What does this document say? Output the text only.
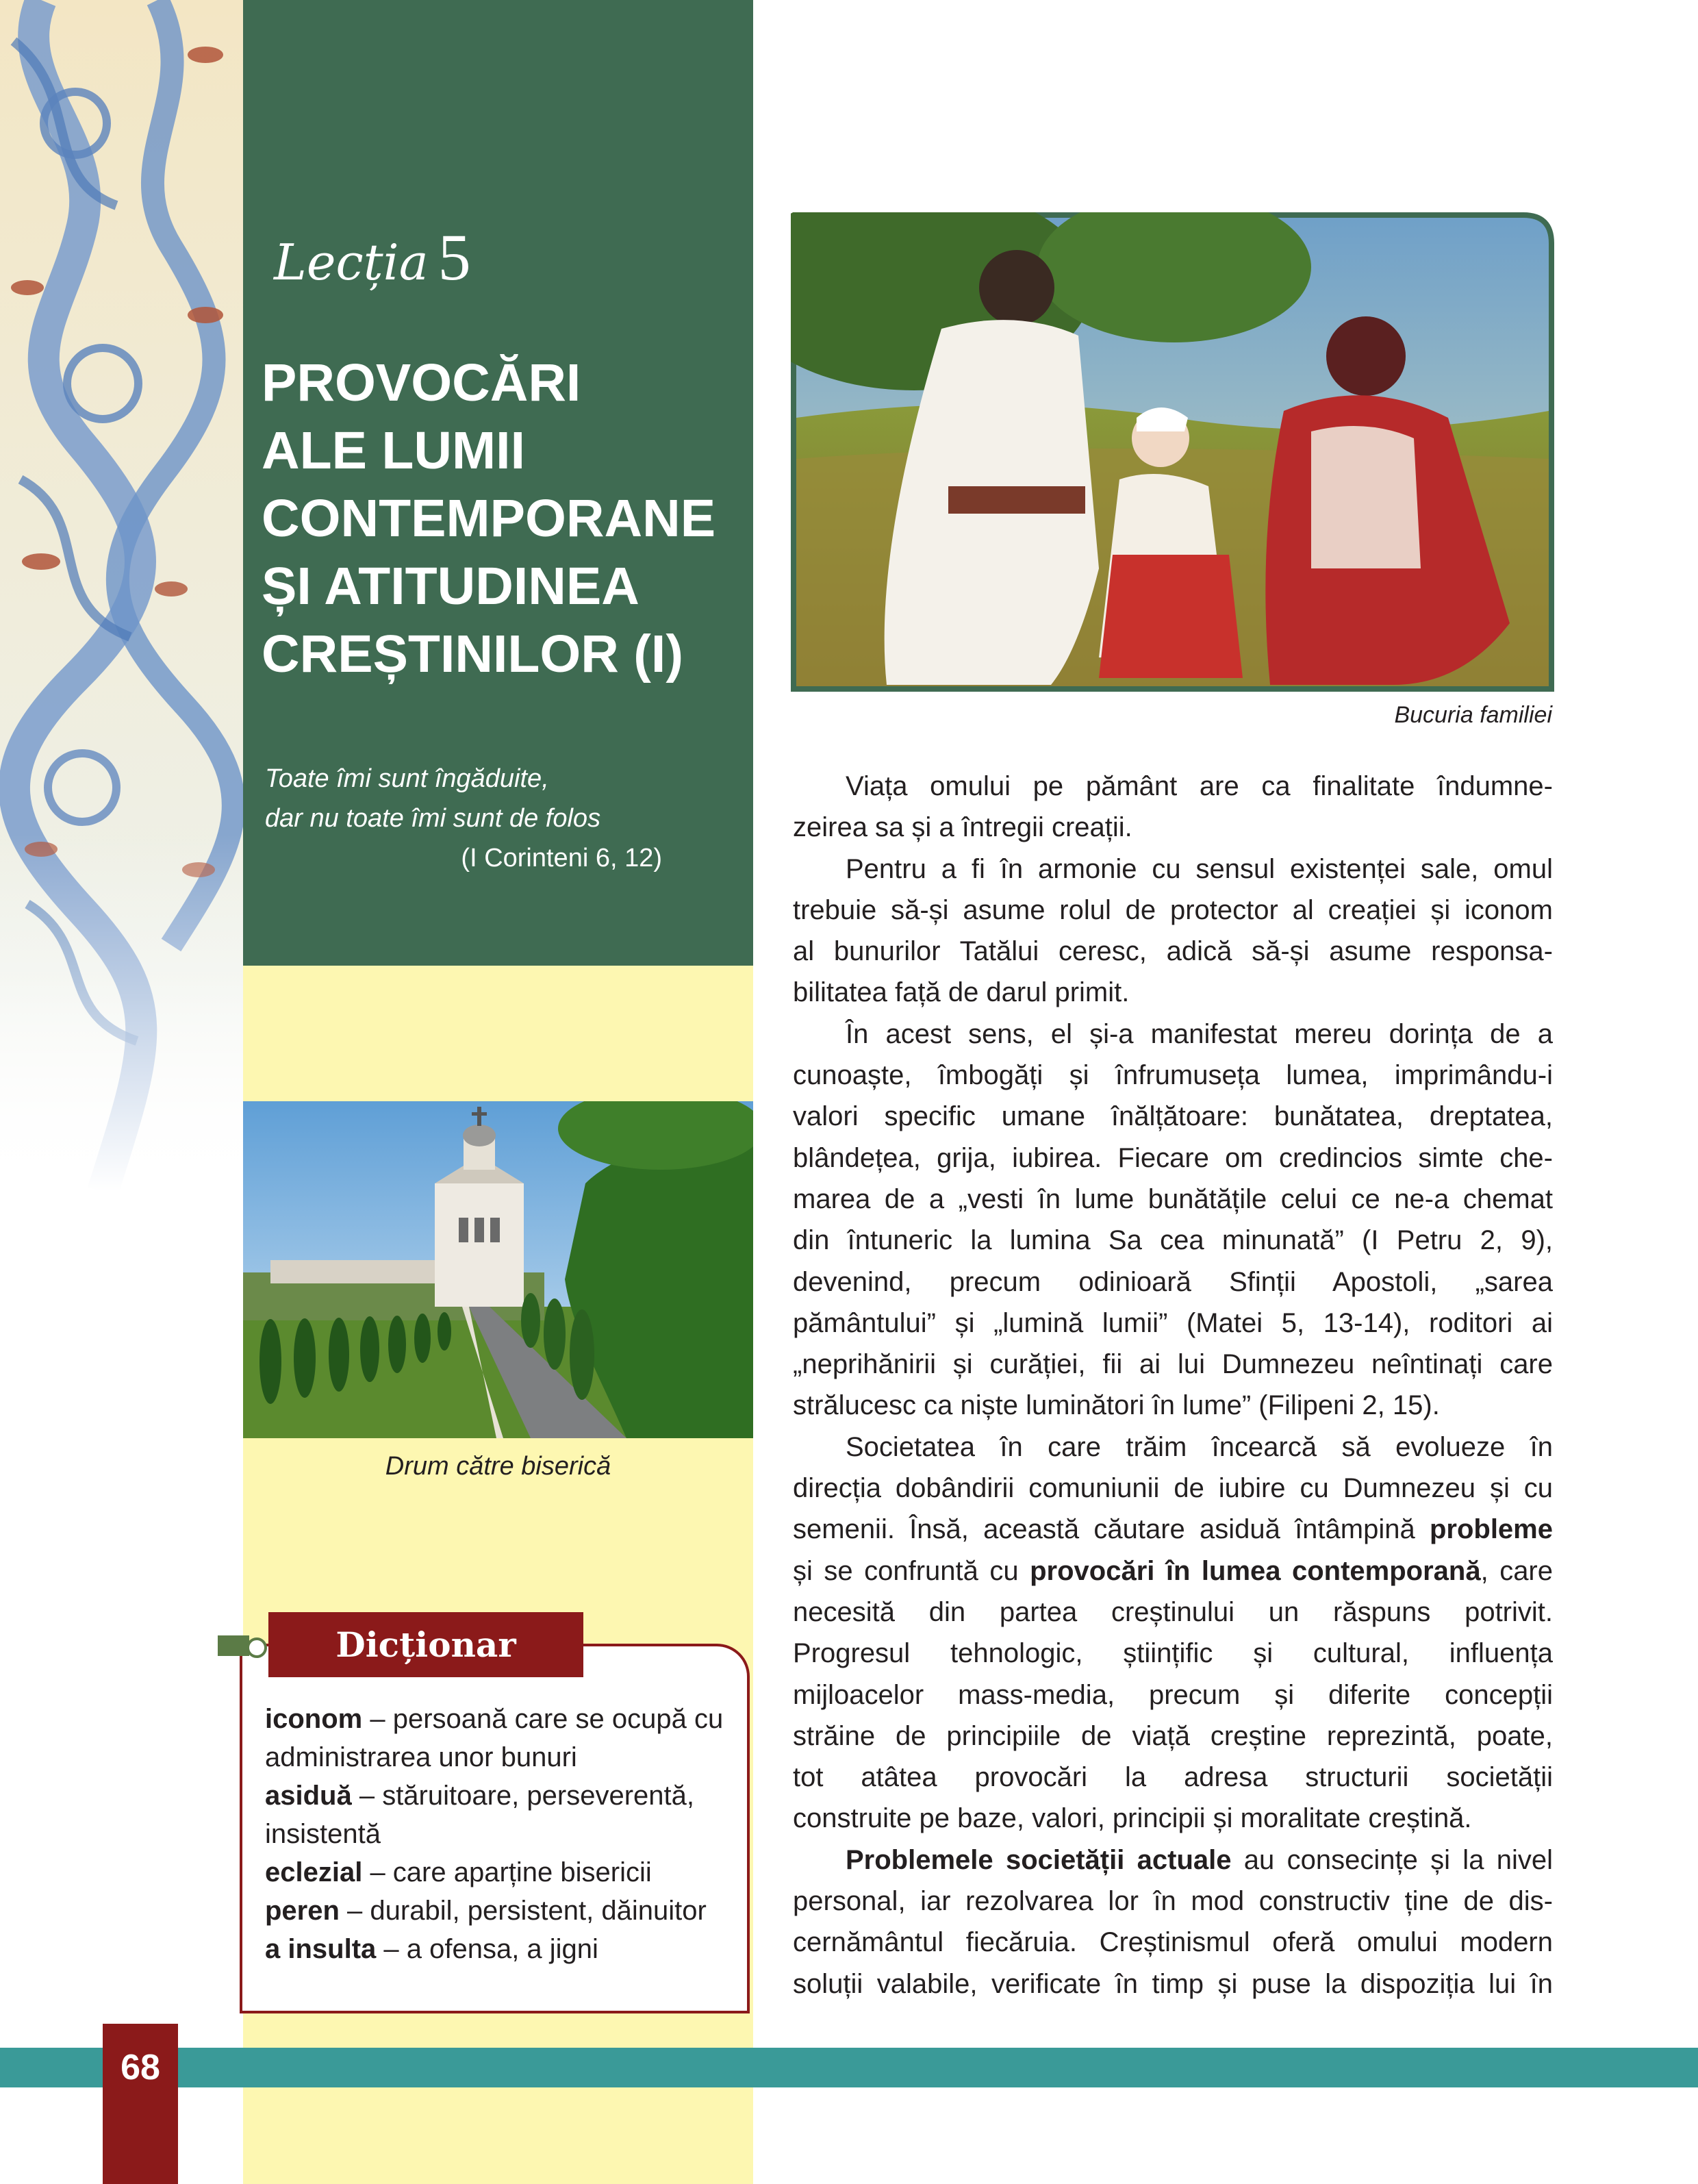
Lecția 5
PROVOCĂRI
ALE LUMII
CONTEMPORANE
ȘI ATITUDINEA
CREȘTINILOR (I)
Toate îmi sunt îngăduite,
dar nu toate îmi sunt de folos
(I Corinteni 6, 12)
Drum către biserică
Dicționar
iconom – persoană care se ocupă cu
administrarea unor bunuri
asiduă – stăruitoare, perseverentă,
insistentă
eclezial – care aparține bisericii
peren – durabil, persistent, dăinuitor
a insulta – a ofensa, a jigni
Bucuria familiei
Viața omului pe pământ are ca finalitate îndumne-
zeirea sa și a întregii creații.
Pentru a fi în armonie cu sensul existenței sale, omul
trebuie să-și asume rolul de protector al creației și iconom
al bunurilor Tatălui ceresc, adică să-și asume responsa-
bilitatea față de darul primit.
În acest sens, el și-a manifestat mereu dorința de a
cunoaște, îmbogăți și înfrumuseța lumea, imprimându-i
valori specific umane înălțătoare: bunătatea, dreptatea,
blândețea, grija, iubirea. Fiecare om credincios simte che-
marea de a „vesti în lume bunătățile celui ce ne-a chemat
din întuneric la lumina Sa cea minunată” (I Petru 2, 9),
devenind, precum odinioară Sfinții Apostoli, „sarea
pământului” și „lumină lumii” (Matei 5, 13-14), roditori ai
„neprihănirii și curăției, fii ai lui Dumnezeu neîntinați care
strălucesc ca niște luminători în lume” (Filipeni 2, 15).
Societatea în care trăim încearcă să evolueze în
direcția dobândirii comuniunii de iubire cu Dumnezeu și cu
semenii. Însă, această căutare asiduă întâmpină probleme
și se confruntă cu provocări în lumea contemporană, care
necesită din partea creștinului un răspuns potrivit.
Progresul tehnologic, științific și cultural, influența
mijloacelor mass-media, precum și diferite concepții
străine de principiile de viață creștine reprezintă, poate,
tot atâtea provocări la adresa structurii societății
construite pe baze, valori, principii și moralitate creștină.
Problemele societății actuale au consecințe și la nivel
personal, iar rezolvarea lor în mod constructiv ține de dis-
cernământul fiecăruia. Creștinismul oferă omului modern
soluții valabile, verificate în timp și puse la dispoziția lui în
68
